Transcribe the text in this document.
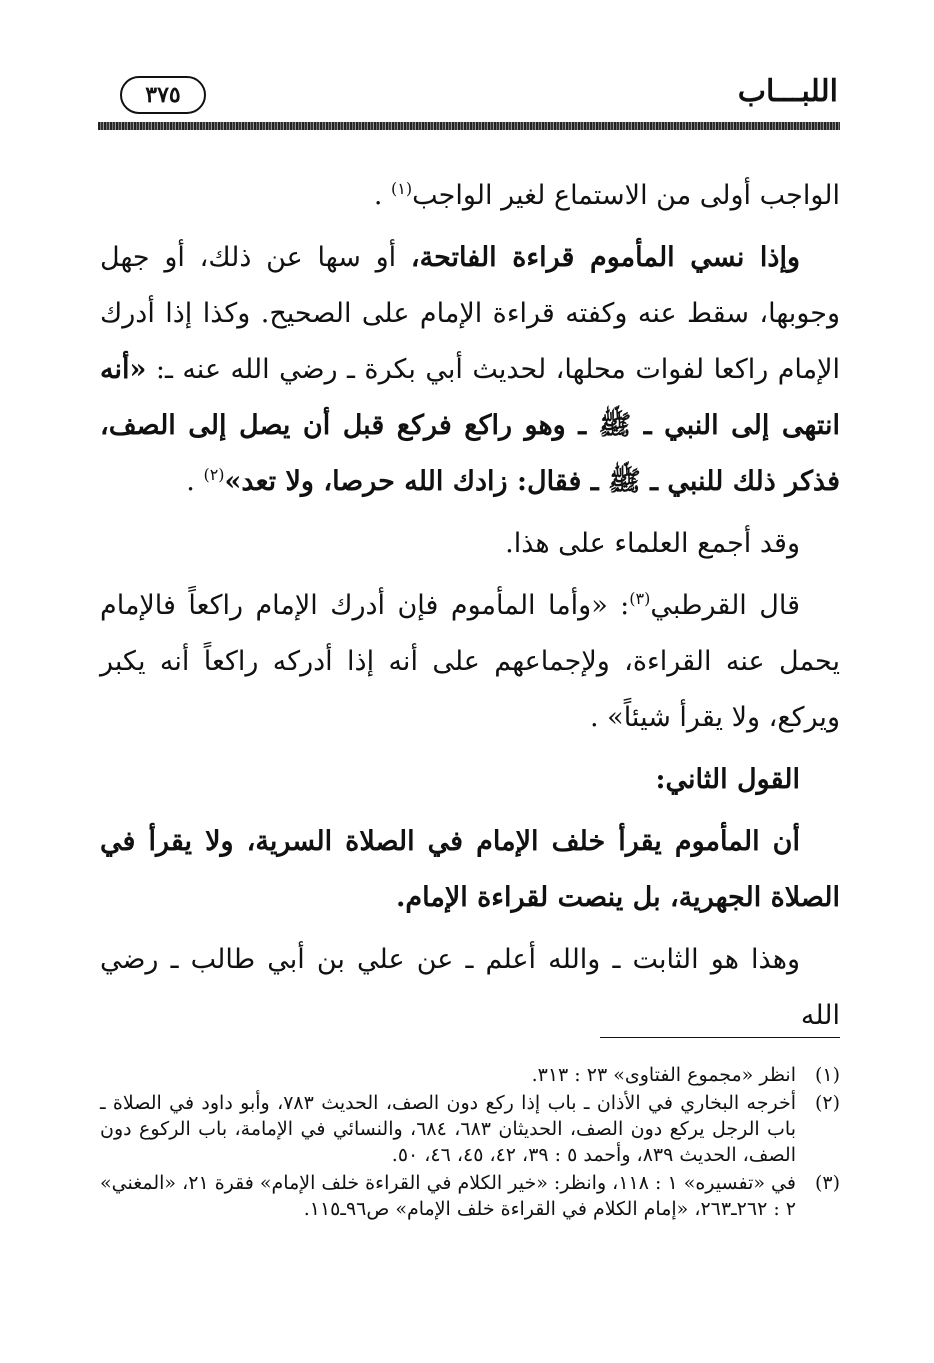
اللبـــاب
٣٧٥

الواجب أولى من الاستماع لغير الواجب$^{(١)}$ .

وإذا نسي المأموم قراءة الفاتحة، أو سها عن ذلك، أو جهل وجوبها، سقط عنه وكفته قراءة الإمام على الصحيح. وكذا إذا أدرك الإمام راكعا لفوات محلها، لحديث أبي بكرة ـ رضي الله عنه ـ: «أنه انتهى إلى النبي ـ ﷺ ـ وهو راكع فركع قبل أن يصل إلى الصف، فذكر ذلك للنبي ـ ﷺ ـ فقال: زادك الله حرصا، ولا تعد»$^{(٢)}$ .

وقد أجمع العلماء على هذا.

قال القرطبي$^{(٣)}$: «وأما المأموم فإن أدرك الإمام راكعاً فالإمام يحمل عنه القراءة، ولإجماعهم على أنه إذا أدركه راكعاً أنه يكبر ويركع، ولا يقرأ شيئاً» .

القول الثاني:

أن المأموم يقرأ خلف الإمام في الصلاة السرية، ولا يقرأ في الصلاة الجهرية، بل ينصت لقراءة الإمام.

وهذا هو الثابت ـ والله أعلم ـ عن علي بن أبي طالب ـ رضي الله

(١)
انظر «مجموع الفتاوى» ٢٣ : ٣١٣.
(٢)
أخرجه البخاري في الأذان ـ باب إذا ركع دون الصف، الحديث ٧٨٣، وأبو داود في الصلاة ـ باب الرجل يركع دون الصف، الحديثان ٦٨٣، ٦٨٤، والنسائي في الإمامة، باب الركوع دون الصف، الحديث ٨٣٩، وأحمد ٥ : ٣٩، ٤٢، ٤٥، ٤٦، ٥٠.
(٣)
في «تفسيره» ١ : ١١٨، وانظر: «خير الكلام في القراءة خلف الإمام» فقرة ٢١، «المغني» ٢ : ٢٦٢ـ٢٦٣، «إمام الكلام في القراءة خلف الإمام» ص٩٦ـ١١٥.
